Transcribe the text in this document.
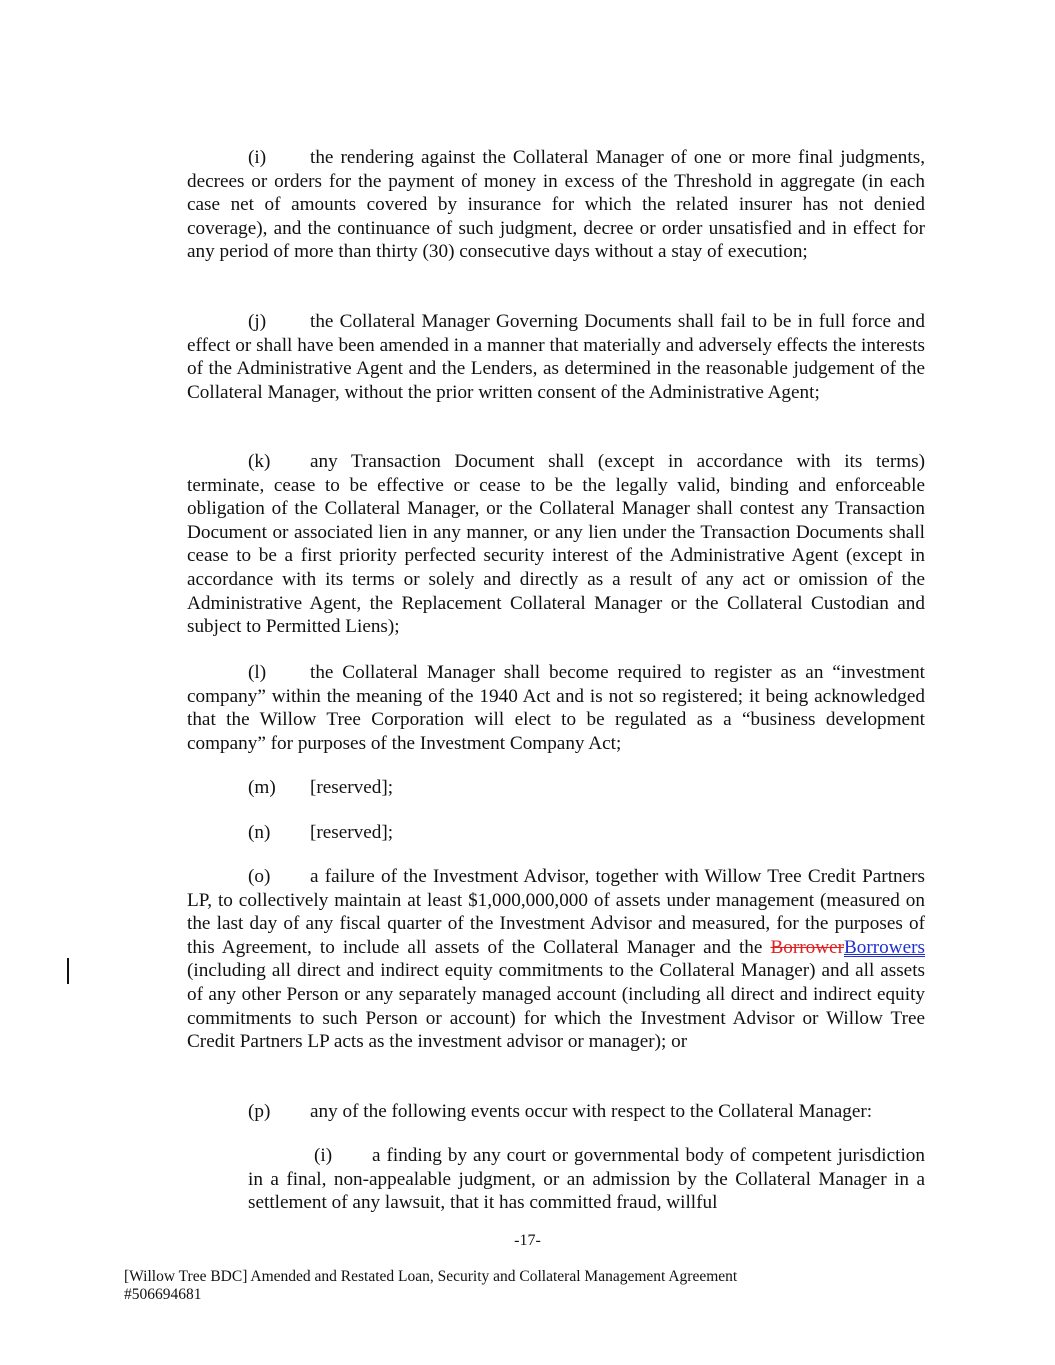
(i) the rendering against the Collateral Manager of one or more final judgments, decrees or orders for the payment of money in excess of the Threshold in aggregate (in each case net of amounts covered by insurance for which the related insurer has not denied coverage), and the continuance of such judgment, decree or order unsatisfied and in effect for any period of more than thirty (30) consecutive days without a stay of execution;

(j) the Collateral Manager Governing Documents shall fail to be in full force and effect or shall have been amended in a manner that materially and adversely effects the interests of the Administrative Agent and the Lenders, as determined in the reasonable judgement of the Collateral Manager, without the prior written consent of the Administrative Agent;

(k) any Transaction Document shall (except in accordance with its terms) terminate, cease to be effective or cease to be the legally valid, binding and enforceable obligation of the Collateral Manager, or the Collateral Manager shall contest any Transaction Document or associated lien in any manner, or any lien under the Transaction Documents shall cease to be a first priority perfected security interest of the Administrative Agent (except in accordance with its terms or solely and directly as a result of any act or omission of the Administrative Agent, the Replacement Collateral Manager or the Collateral Custodian and subject to Permitted Liens);

(l) the Collateral Manager shall become required to register as an “investment company” within the meaning of the 1940 Act and is not so registered; it being acknowledged that the Willow Tree Corporation will elect to be regulated as a “business development company” for purposes of the Investment Company Act;

(m) [reserved];
(n) [reserved];

(o) a failure of the Investment Advisor, together with Willow Tree Credit Partners LP, to collectively maintain at least $1,000,000,000 of assets under management (measured on the last day of any fiscal quarter of the Investment Advisor and measured, for the purposes of this Agreement, to include all assets of the Collateral Manager and the BorrowerBorrowers (including all direct and indirect equity commitments to the Collateral Manager) and all assets of any other Person or any separately managed account (including all direct and indirect equity commitments to such Person or account) for which the Investment Advisor or Willow Tree Credit Partners LP acts as the investment advisor or manager); or

(p) any of the following events occur with respect to the Collateral Manager:

(i) a finding by any court or governmental body of competent jurisdiction in a final, non-appealable judgment, or an admission by the Collateral Manager in a settlement of any lawsuit, that it has committed fraud, willful

-17-
[Willow Tree BDC] Amended and Restated Loan, Security and Collateral Management Agreement
#506694681
